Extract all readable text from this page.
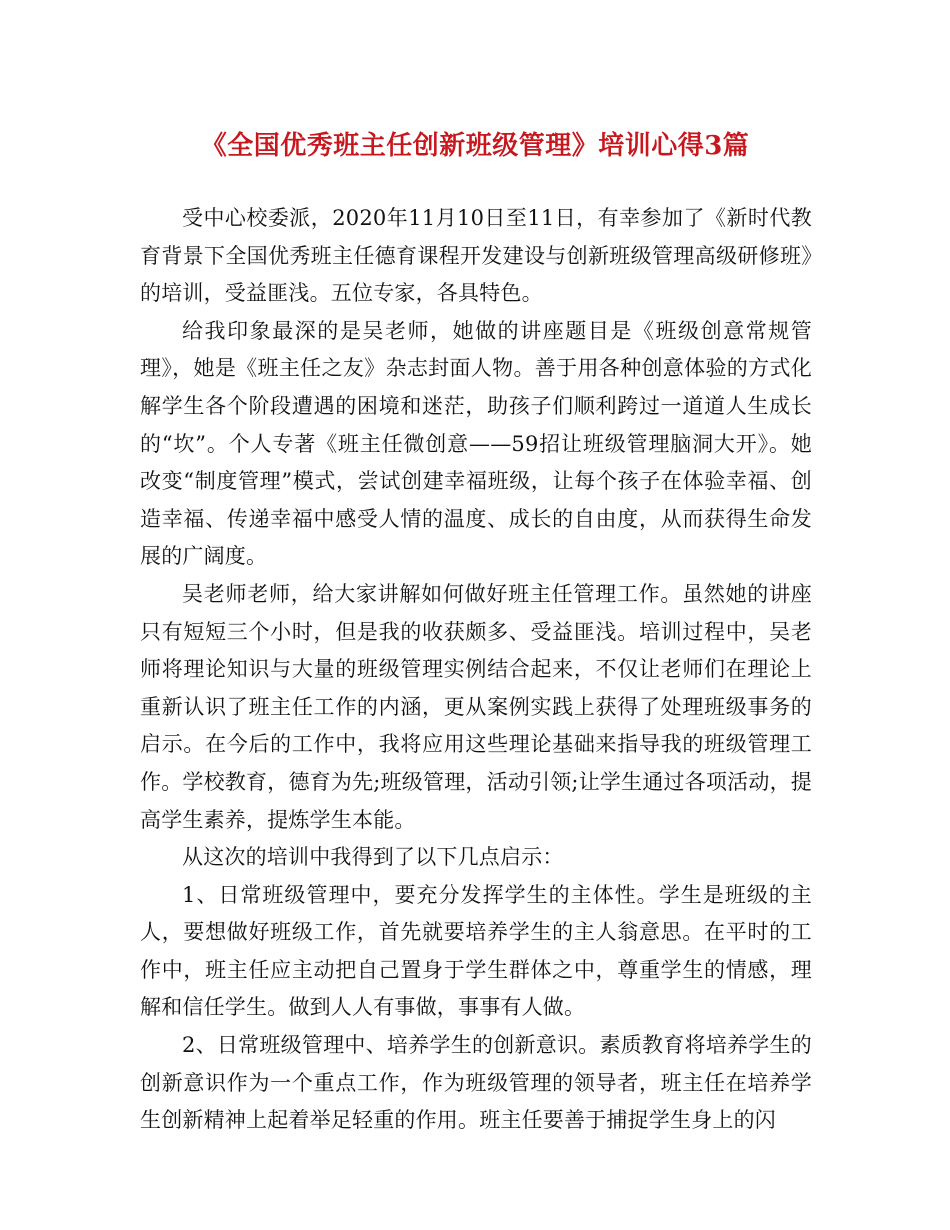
《全国优秀班主任创新班级管理》培训心得3篇

受中心校委派，2020年11月10日至11日，有幸参加了《新时代教育背景下全国优秀班主任德育课程开发建设与创新班级管理高级研修班》的培训，受益匪浅。五位专家，各具特色。

给我印象最深的是吴老师，她做的讲座题目是《班级创意常规管理》，她是《班主任之友》杂志封面人物。善于用各种创意体验的方式化解学生各个阶段遭遇的困境和迷茫，助孩子们顺利跨过一道道人生成长的“坎”。个人专著《班主任微创意——59招让班级管理脑洞大开》。她改变“制度管理”模式，尝试创建幸福班级，让每个孩子在体验幸福、创造幸福、传递幸福中感受人情的温度、成长的自由度，从而获得生命发展的广阔度。

吴老师老师，给大家讲解如何做好班主任管理工作。虽然她的讲座只有短短三个小时，但是我的收获颇多、受益匪浅。培训过程中，吴老师将理论知识与大量的班级管理实例结合起来，不仅让老师们在理论上重新认识了班主任工作的内涵，更从案例实践上获得了处理班级事务的启示。在今后的工作中，我将应用这些理论基础来指导我的班级管理工作。学校教育，德育为先;班级管理，活动引领;让学生通过各项活动，提高学生素养，提炼学生本能。

从这次的培训中我得到了以下几点启示：

1、日常班级管理中，要充分发挥学生的主体性。学生是班级的主人，要想做好班级工作，首先就要培养学生的主人翁意思。在平时的工作中，班主任应主动把自己置身于学生群体之中，尊重学生的情感，理解和信任学生。做到人人有事做，事事有人做。

2、日常班级管理中、培养学生的创新意识。素质教育将培养学生的创新意识作为一个重点工作，作为班级管理的领导者，班主任在培养学生创新精神上起着举足轻重的作用。班主任要善于捕捉学生身上的闪
